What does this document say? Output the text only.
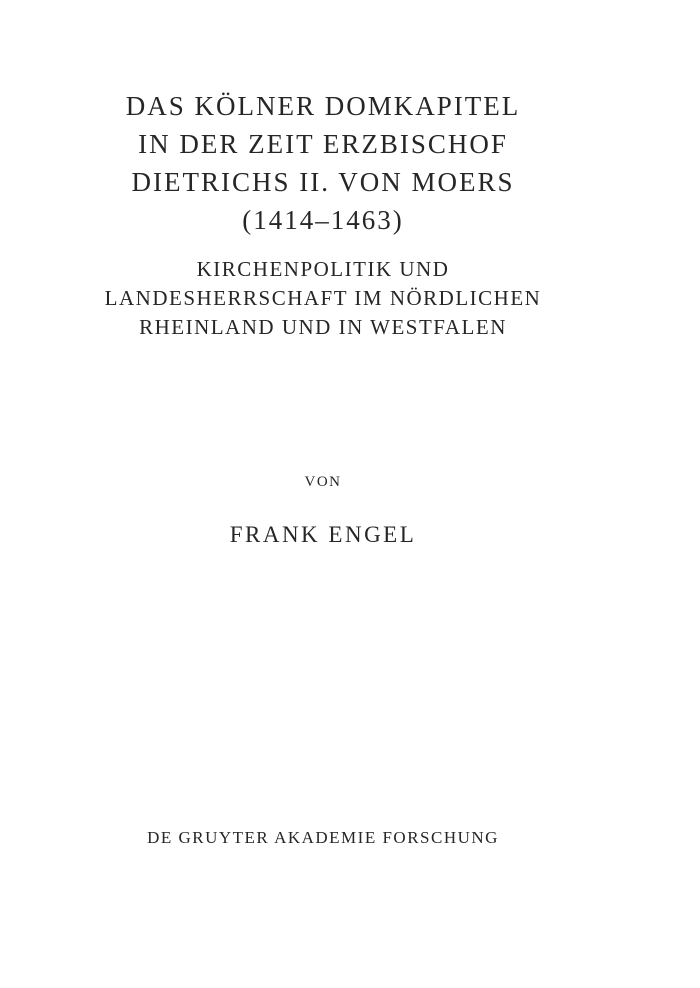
DAS KÖLNER DOMKAPITEL
IN DER ZEIT ERZBISCHOF
DIETRICHS II. VON MOERS
(1414–1463)
KIRCHENPOLITIK UND
LANDESHERRSCHAFT IM NÖRDLICHEN
RHEINLAND UND IN WESTFALEN
VON
FRANK ENGEL
DE GRUYTER AKADEMIE FORSCHUNG
